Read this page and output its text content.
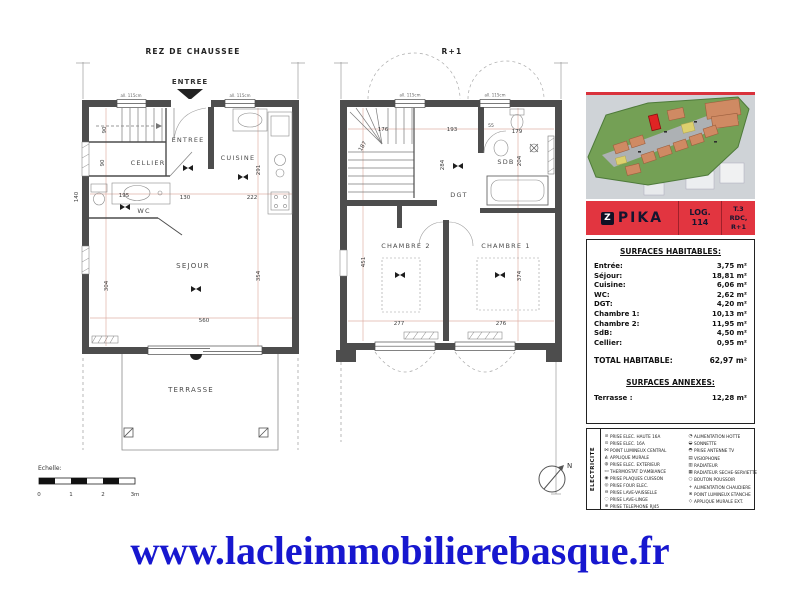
REZ DE CHAUSSEE
ENTREE
all. 115cm	all. 115cm
90
90	CELLIER
195
140
WC
ENTREE
130
CUISINE
222
291
SEJOUR
304
354
560
TERRASSE
Echelle:
0	1	2	3m
R+1
all. 115cm	all. 115cm
176	193	179
55
187
284	SDB 204
DGT
CHAMBRE 2
451
277
CHAMBRE 1
374
276
N
Z PIKA	LOG.
114
T.3
RDC, R+1
SURFACES HABITABLES:
Entrée:	3,75 m²
Séjour:	18,81 m²
Cuisine:	6,06 m²
WC:	2,62 m²
DGT:	4,20 m²
Chambre 1:	10,13 m²
Chambre 2:	11,95 m²
SdB:	4,50 m²
Cellier:	0,95 m²
TOTAL HABITABLE:	62,97 m²
SURFACES ANNEXES:
Terrasse :	12,28 m²
ELECTRICITE
⊘ PRISE ELEC. HAUTE 16A
⊙ PRISE ELEC. 16A
⋈ POINT LUMINEUX CENTRAL
◭ APPLIQUE MURALE
◍ PRISE ELEC. EXTERIEUR
▭ THERMOSTAT D'AMBIANCE
◉ PRISE PLAQUES CUISSON
◎ PRISE FOUR ELEC.
⊖ PRISE LAVE-VAISSELLE
◌ PRISE LAVE-LINGE
⊕ PRISE TELEPHONE RJ45
◔ ALIMENTATION HOTTE
◒ SONNETTE
◓ PRISE ANTENNE TV
▤ VISIOPHONE
▥ RADIATEUR
▦ RADIATEUR SECHE-SERVIETTE
○ BOUTON POUSSOIR
+ ALIMENTATION CHAUDIERE
⊗ POINT LUMINEUX ETANCHE
◇ APPLIQUE MURALE EXT.
www.lacleimmobilierebasque.fr
